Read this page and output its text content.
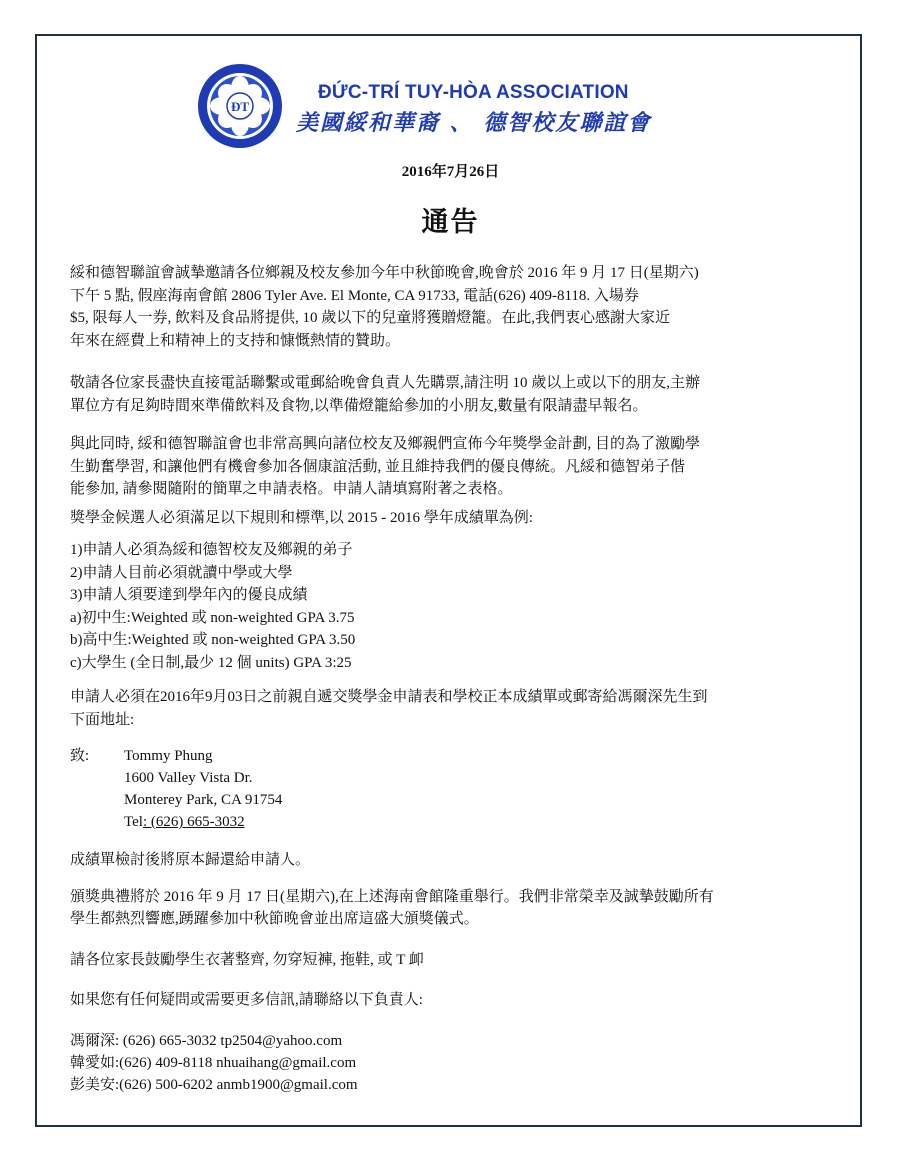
ĐT
ĐỨC-TRÍ TUY-HÒA ASSOCIATION
美國綏和華裔 、 德智校友聯誼會
2016年7月26日
通告

綏和德智聯誼會誠摯邀請各位鄉親及校友參加今年中秋節晚會,晚會於 2016 年 9 月 17 日(星期六)
下午 5 點, 假座海南會館 2806 Tyler Ave. El Monte, CA 91733, 電話(626) 409-8118. 入場券
$5, 限每人一券, 飲料及食品將提供, 10 歲以下的兒童將獲贈燈籠。在此,我們衷心感謝大家近
年來在經費上和精神上的支持和慷慨熱情的贊助。

敬請各位家長盡快直接電話聯繫或電郵給晚會負責人先購票,請注明 10 歲以上或以下的朋友,主辦
單位方有足夠時間來準備飲料及食物,以準備燈籠給參加的小朋友,數量有限請盡早報名。

與此同時, 綏和德智聯誼會也非常高興向諸位校友及鄉親們宣佈今年獎學金計劃, 目的為了激勵學
生勤奮學習, 和讓他們有機會參加各個康誼活動, 並且維持我們的優良傳統。凡綏和德智弟子偕
能參加, 請參閱隨附的簡單之申請表格。申請人請填寫附著之表格。

獎學金候選人必須滿足以下規則和標準,以 2015 - 2016 學年成績單為例:

1)申請人必須為綏和德智校友及鄉親的弟子

2)申請人目前必須就讀中學或大學

3)申請人須要達到學年內的優良成績

a)初中生:Weighted 或 non-weighted GPA 3.75

b)高中生:Weighted 或 non-weighted GPA 3.50

c)大學生 (全日制,最少 12 個 units) GPA 3:25

申請人必須在2016年9月03日之前親自遞交獎學金申請表和學校正本成績單或郵寄給馮爾深先生到
下面地址:

致:	Tommy Phung
1600 Valley Vista Dr.
Monterey Park, CA 91754
Tel: (626) 665-3032

成績單檢討後將原本歸還給申請人。

頒獎典禮將於 2016 年 9 月 17 日(星期六),在上述海南會館隆重舉行。我們非常榮幸及誠摯鼓勵所有
學生都熱烈響應,踴躍參加中秋節晚會並出席這盛大頒獎儀式。

請各位家長鼓勵學生衣著整齊, 勿穿短褲, 拖鞋, 或 T 卹

如果您有任何疑問或需要更多信訊,請聯絡以下負責人:

馮爾深: (626) 665-3032 tp2504@yahoo.com
韓愛如:(626) 409-8118 nhuaihang@gmail.com
彭美安:(626) 500-6202 anmb1900@gmail.com
